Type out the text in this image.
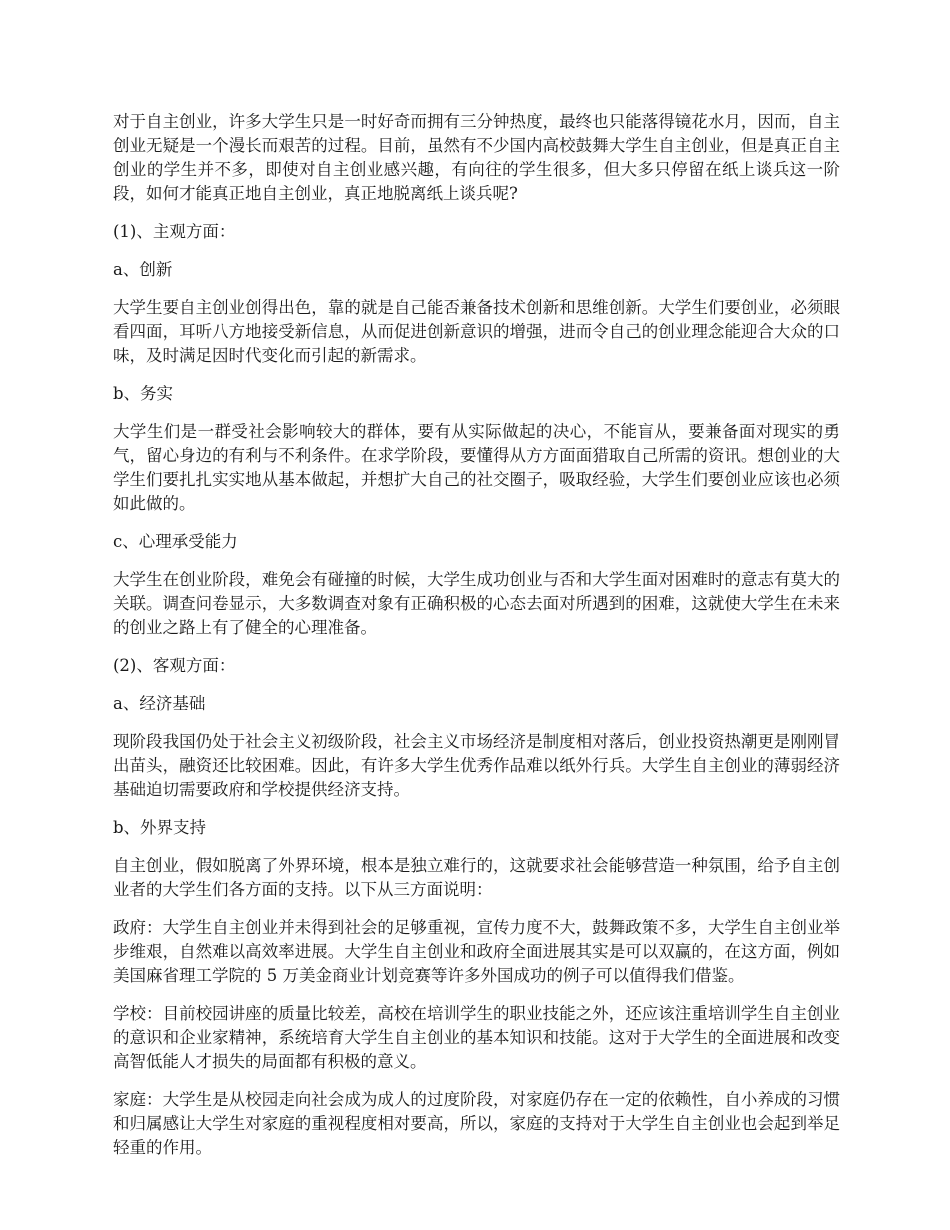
对于自主创业，许多大学生只是一时好奇而拥有三分钟热度，最终也只能落得镜花水月，因而，自主创业无疑是一个漫长而艰苦的过程。目前，虽然有不少国内高校鼓舞大学生自主创业，但是真正自主创业的学生并不多，即使对自主创业感兴趣，有向往的学生很多，但大多只停留在纸上谈兵这一阶段，如何才能真正地自主创业，真正地脱离纸上谈兵呢?

(1)、主观方面：

a、创新

大学生要自主创业创得出色，靠的就是自己能否兼备技术创新和思维创新。大学生们要创业，必须眼看四面，耳听八方地接受新信息，从而促进创新意识的增强，进而令自己的创业理念能迎合大众的口味，及时满足因时代变化而引起的新需求。

b、务实

大学生们是一群受社会影响较大的群体，要有从实际做起的决心，不能盲从，要兼备面对现实的勇气，留心身边的有利与不利条件。在求学阶段，要懂得从方方面面猎取自己所需的资讯。想创业的大学生们要扎扎实实地从基本做起，并想扩大自己的社交圈子，吸取经验，大学生们要创业应该也必须如此做的。

c、心理承受能力

大学生在创业阶段，难免会有碰撞的时候，大学生成功创业与否和大学生面对困难时的意志有莫大的关联。调查问卷显示，大多数调查对象有正确积极的心态去面对所遇到的困难，这就使大学生在未来的创业之路上有了健全的心理准备。

(2)、客观方面：

a、经济基础

现阶段我国仍处于社会主义初级阶段，社会主义市场经济是制度相对落后，创业投资热潮更是刚刚冒出苗头，融资还比较困难。因此，有许多大学生优秀作品难以纸外行兵。大学生自主创业的薄弱经济基础迫切需要政府和学校提供经济支持。

b、外界支持

自主创业，假如脱离了外界环境，根本是独立难行的，这就要求社会能够营造一种氛围，给予自主创业者的大学生们各方面的支持。以下从三方面说明：

政府：大学生自主创业并未得到社会的足够重视，宣传力度不大，鼓舞政策不多，大学生自主创业举步维艰，自然难以高效率进展。大学生自主创业和政府全面进展其实是可以双赢的，在这方面，例如美国麻省理工学院的 5 万美金商业计划竞赛等许多外国成功的例子可以值得我们借鉴。

学校：目前校园讲座的质量比较差，高校在培训学生的职业技能之外，还应该注重培训学生自主创业的意识和企业家精神，系统培育大学生自主创业的基本知识和技能。这对于大学生的全面进展和改变高智低能人才损失的局面都有积极的意义。

家庭：大学生是从校园走向社会成为成人的过度阶段，对家庭仍存在一定的依赖性，自小养成的习惯和归属感让大学生对家庭的重视程度相对要高，所以，家庭的支持对于大学生自主创业也会起到举足轻重的作用。
